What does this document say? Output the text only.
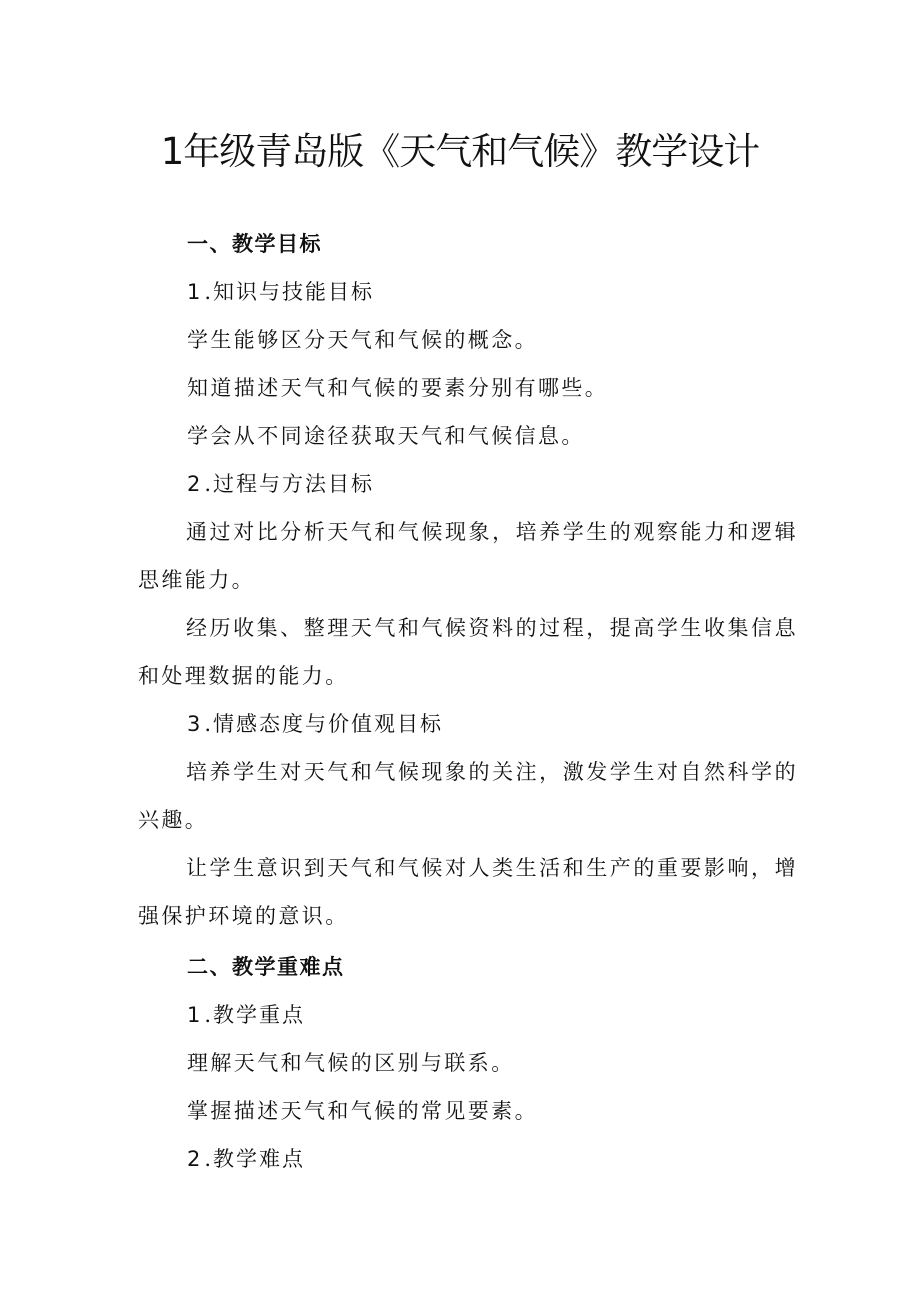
1年级青岛版《天气和气候》教学设计

一、教学目标

1 .知识与技能目标

学生能够区分天气和气候的概念。

知道描述天气和气候的要素分别有哪些。

学会从不同途径获取天气和气候信息。

2 .过程与方法目标

通过对比分析天气和气候现象，培养学生的观察能力和逻辑思维能力。

经历收集、整理天气和气候资料的过程，提高学生收集信息和处理数据的能力。

3 .情感态度与价值观目标

培养学生对天气和气候现象的关注，激发学生对自然科学的兴趣。

让学生意识到天气和气候对人类生活和生产的重要影响，增强保护环境的意识。

二、教学重难点

1 .教学重点

理解天气和气候的区别与联系。

掌握描述天气和气候的常见要素。

2 .教学难点
